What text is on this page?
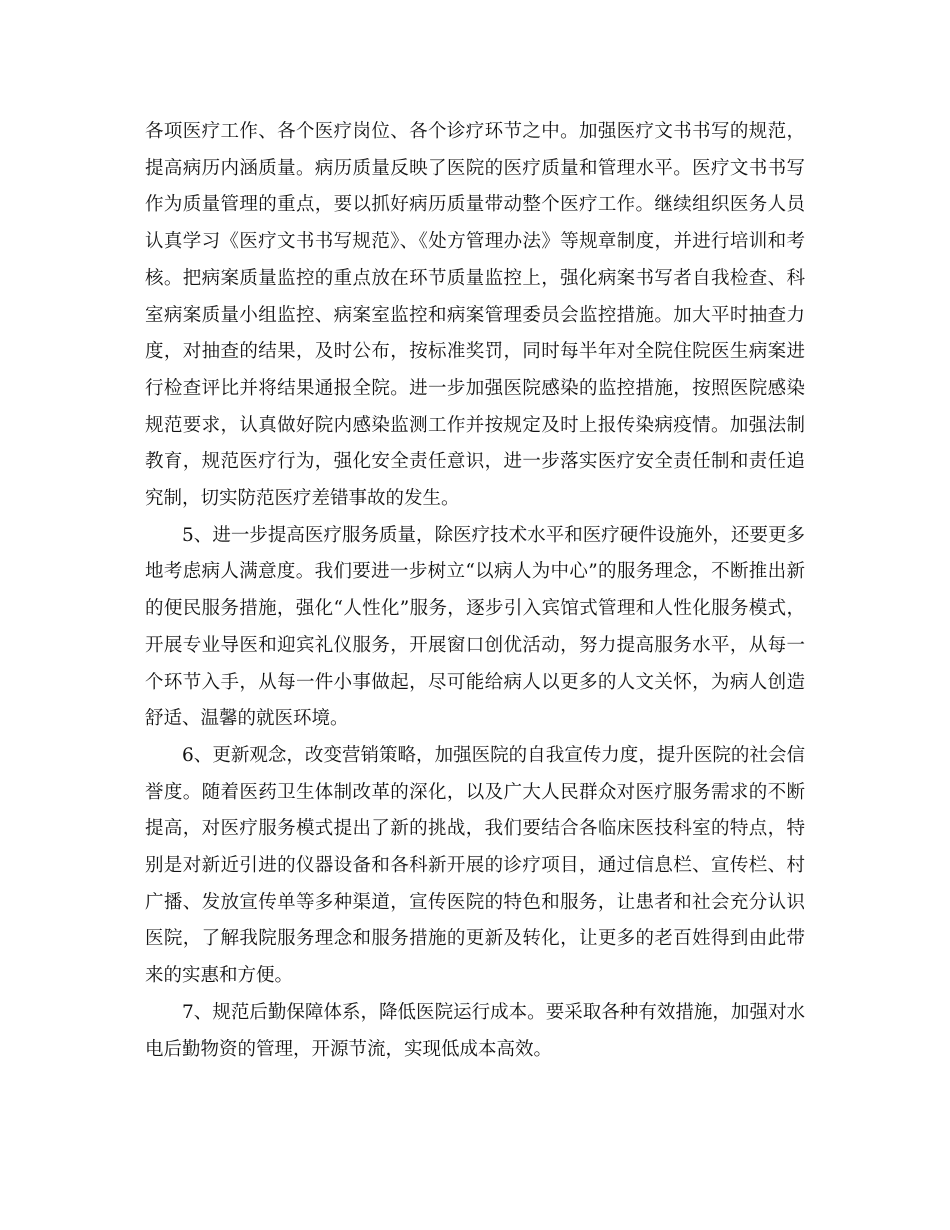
各项医疗工作、各个医疗岗位、各个诊疗环节之中。加强医疗文书书写的规范，提高病历内涵质量。病历质量反映了医院的医疗质量和管理水平。医疗文书书写作为质量管理的重点，要以抓好病历质量带动整个医疗工作。继续组织医务人员认真学习《医疗文书书写规范》、《处方管理办法》等规章制度，并进行培训和考核。把病案质量监控的重点放在环节质量监控上，强化病案书写者自我检查、科室病案质量小组监控、病案室监控和病案管理委员会监控措施。加大平时抽查力度，对抽查的结果，及时公布，按标准奖罚，同时每半年对全院住院医生病案进行检查评比并将结果通报全院。进一步加强医院感染的监控措施，按照医院感染规范要求，认真做好院内感染监测工作并按规定及时上报传染病疫情。加强法制教育，规范医疗行为，强化安全责任意识，进一步落实医疗安全责任制和责任追究制，切实防范医疗差错事故的发生。

5、进一步提高医疗服务质量，除医疗技术水平和医疗硬件设施外，还要更多地考虑病人满意度。我们要进一步树立“以病人为中心”的服务理念，不断推出新的便民服务措施，强化“人性化”服务，逐步引入宾馆式管理和人性化服务模式，开展专业导医和迎宾礼仪服务，开展窗口创优活动，努力提高服务水平，从每一个环节入手，从每一件小事做起，尽可能给病人以更多的人文关怀，为病人创造舒适、温馨的就医环境。

6、更新观念，改变营销策略，加强医院的自我宣传力度，提升医院的社会信誉度。随着医药卫生体制改革的深化，以及广大人民群众对医疗服务需求的不断提高，对医疗服务模式提出了新的挑战，我们要结合各临床医技科室的特点，特别是对新近引进的仪器设备和各科新开展的诊疗项目，通过信息栏、宣传栏、村广播、发放宣传单等多种渠道，宣传医院的特色和服务，让患者和社会充分认识医院，了解我院服务理念和服务措施的更新及转化，让更多的老百姓得到由此带来的实惠和方便。

7、规范后勤保障体系，降低医院运行成本。要采取各种有效措施，加强对水电后勤物资的管理，开源节流，实现低成本高效。
